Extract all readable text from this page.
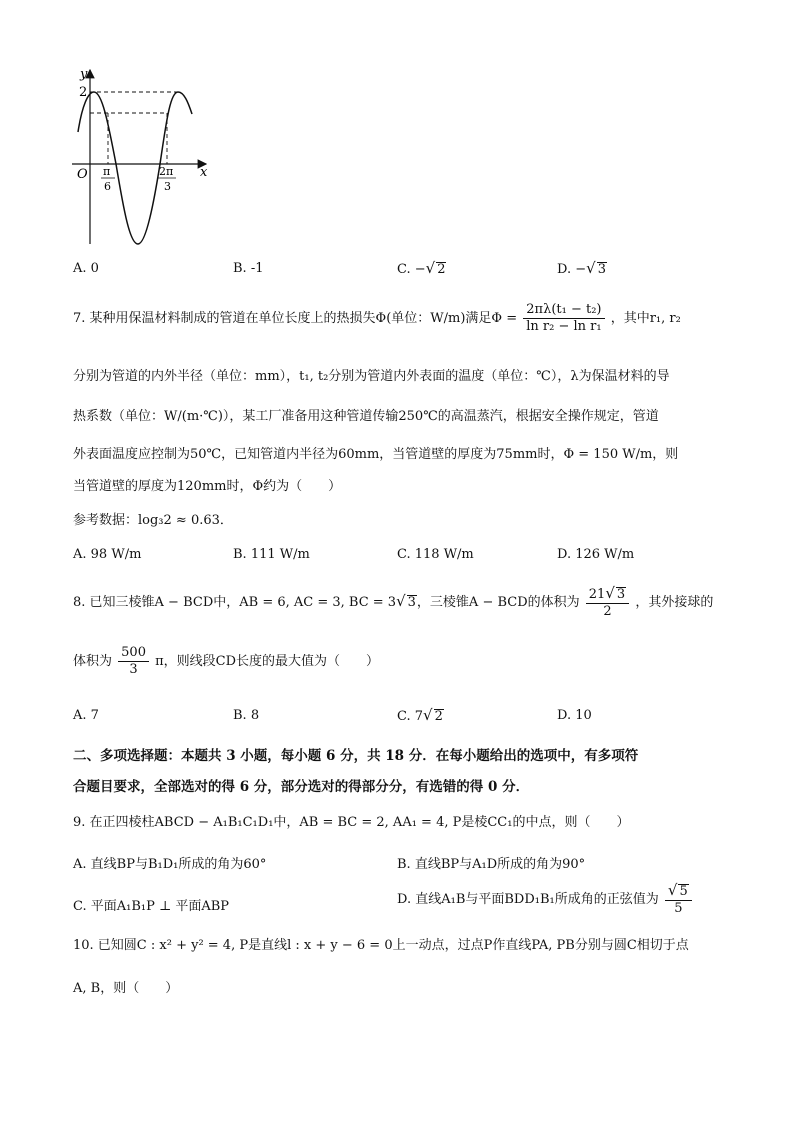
y
x
O
2
π
6
2π
3
A. 0	B. -1	C. −√ 2	D. −√ 3
7. 某种用保温材料制成的管道在单位长度上的热损失Φ(单位：W/m)满足$\Phi = \frac{\text{2πλ(t₁ − t₂)}}{\text{ln r₂ − ln r₁}}$ ，其中r₁, r₂
分别为管道的内外半径（单位：mm），t₁, t₂分别为管道内外表面的温度（单位：℃），λ为保温材料的导
热系数（单位：W/(m·℃)），某工厂准备用这种管道传输250℃的高温蒸汽，根据安全操作规定，管道
外表面温度应控制为50℃，已知管道内半径为60mm，当管道壁的厚度为75mm时，Φ = 150 W/m，则
当管道壁的厚度为120mm时，Φ约为（　　）
参考数据：log₃2 ≈ 0.63．
A. 98 W/m	B. 111 W/m	C. 118 W/m	D. 126 W/m
8. 已知三棱锥A − BCD中，AB = 6, AC = 3, BC = 3√ 3，三棱锥A − BCD的体积为 $\frac{21√ 3}{2}$ ，其外接球的
体积为 $\frac{500}{3}$ π，则线段CD长度的最大值为（　　）
A. 7	B. 8	C. 7√ 2	D. 10
二、多项选择题：本题共 3 小题，每小题 6 分，共 18 分．在每小题给出的选项中，有多项符
合题目要求，全部选对的得 6 分，部分选对的得部分分，有选错的得 0 分．
9. 在正四棱柱ABCD − A₁B₁C₁D₁中，AB = BC = 2, AA₁ = 4, P是棱CC₁的中点，则（　　）
A. 直线BP与B₁D₁所成的角为60°	B. 直线BP与A₁D所成的角为90°
C. 平面A₁B₁P ⊥ 平面ABP	D. 直线A₁B与平面BDD₁B₁所成角的正弦值为 $\frac{√ 5}{5}$
10. 已知圆C : x² + y² = 4, P是直线l : x + y − 6 = 0上一动点，过点P作直线PA, PB分别与圆C相切于点
A, B，则（　　）
